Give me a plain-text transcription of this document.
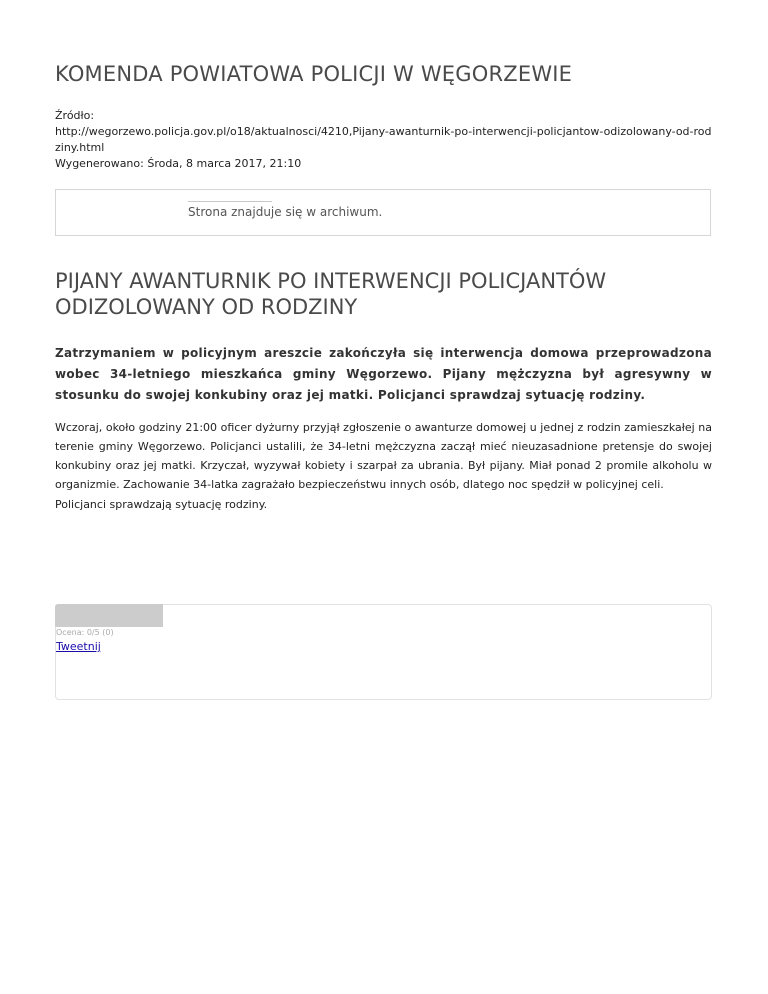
KOMENDA POWIATOWA POLICJI W WĘGORZEWIE
Źródło:
http://wegorzewo.policja.gov.pl/o18/aktualnosci/4210,Pijany-awanturnik-po-interwencji-policjantow-odizolowany-od-rodziny.html
Wygenerowano: Środa, 8 marca 2017, 21:10
Strona znajduje się w archiwum.
PIJANY AWANTURNIK PO INTERWENCJI POLICJANTÓW ODIZOLOWANY OD RODZINY

Zatrzymaniem w policyjnym areszcie zakończyła się interwencja domowa przeprowadzona wobec 34-letniego mieszkańca gminy Węgorzewo. Pijany mężczyzna był agresywny w stosunku do swojej konkubiny oraz jej matki. Policjanci sprawdzaj sytuację rodziny.

Wczoraj, około godziny 21:00 oficer dyżurny przyjął zgłoszenie o awanturze domowej u jednej z rodzin zamieszkałej na terenie gminy Węgorzewo. Policjanci ustalili, że 34-letni mężczyzna zaczął mieć nieuzasadnione pretensje do swojej konkubiny oraz jej matki. Krzyczał, wyzywał kobiety i szarpał za ubrania. Był pijany. Miał ponad 2 promile alkoholu w organizmie. Zachowanie 34-latka zagrażało bezpieczeństwu innych osób, dlatego noc spędził w policyjnej celi.

Policjanci sprawdzają sytuację rodziny.

Ocena: 0/5 (0)
Tweetnij
